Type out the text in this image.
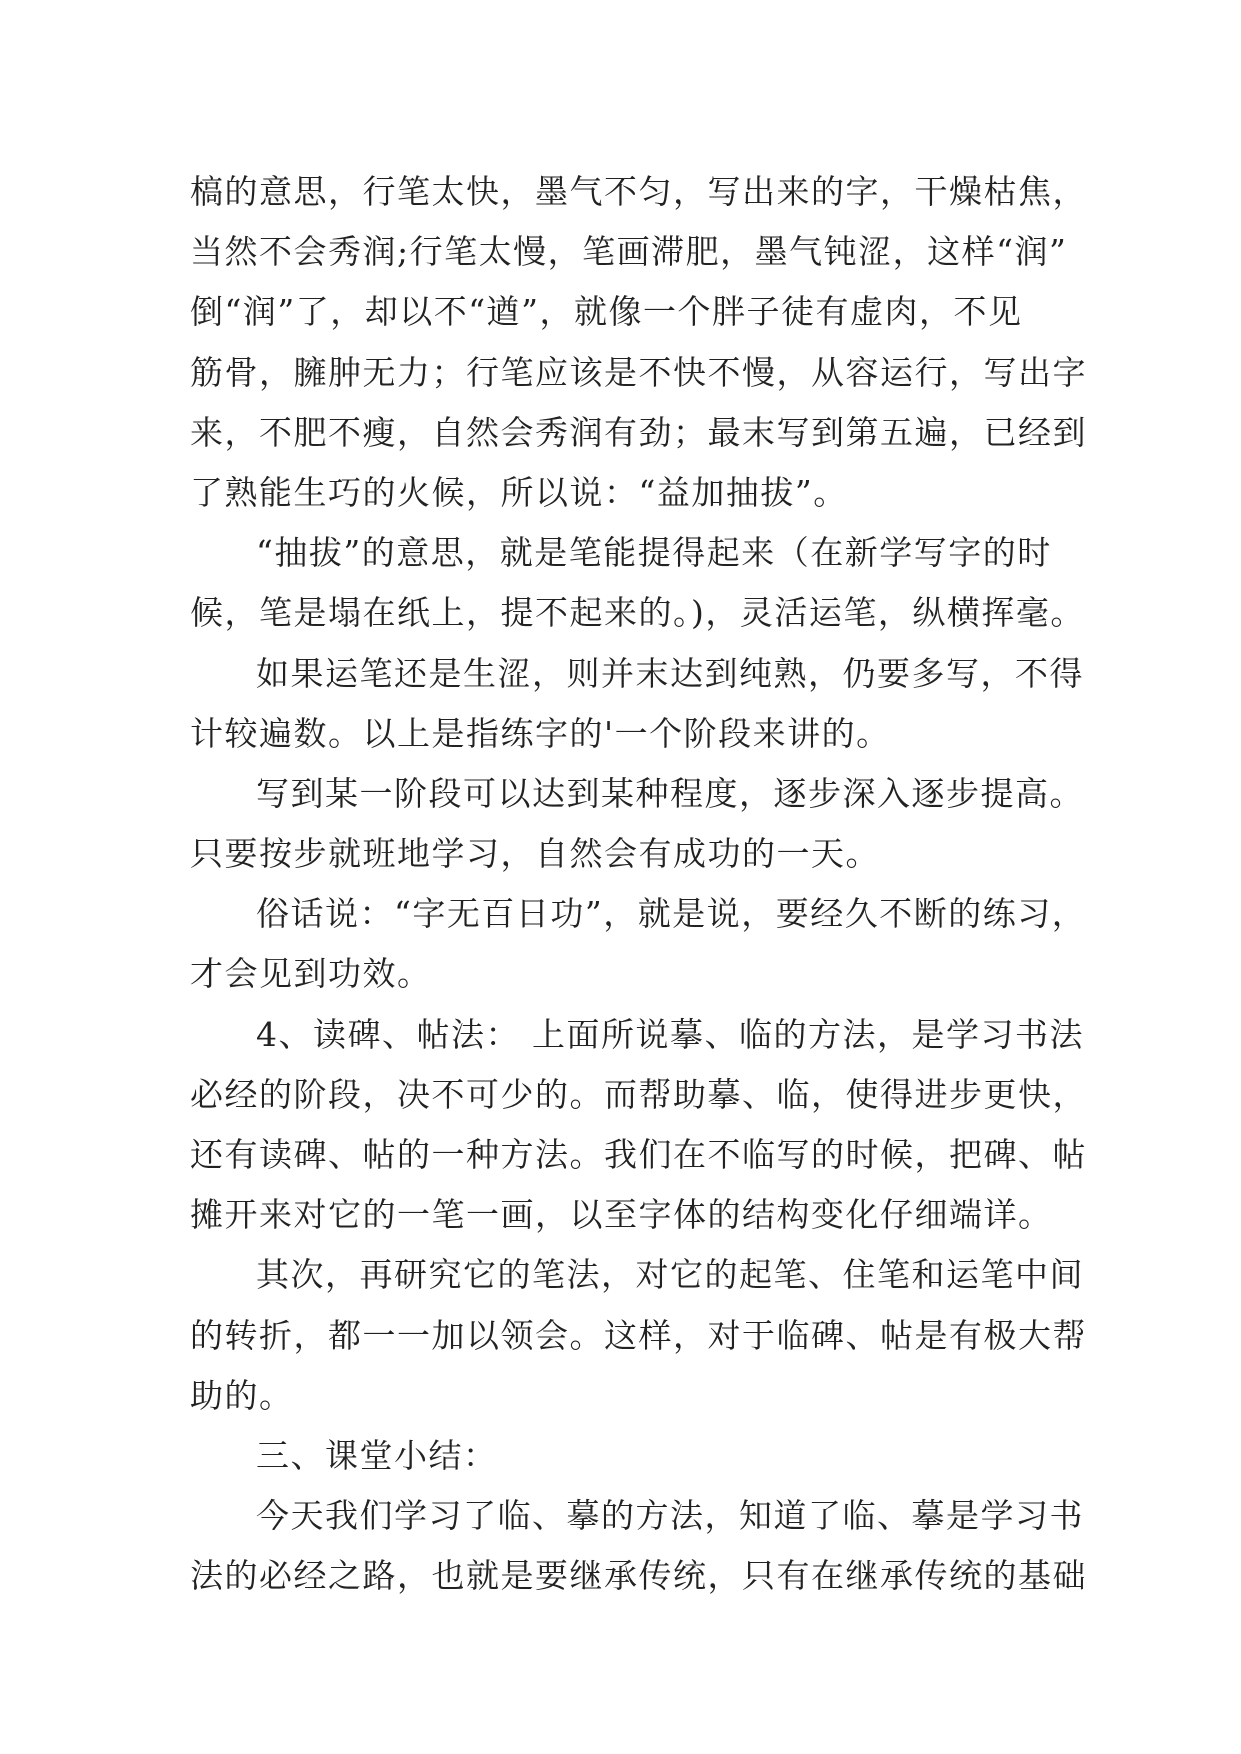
槁的意思，行笔太快，墨气不匀，写出来的字，干燥枯焦，
当然不会秀润;行笔太慢，笔画滞肥，墨气钝涩，这样“润”
倒“润”了，却以不“遒”，就像一个胖子徒有虚肉，不见
筋骨，臃肿无力；行笔应该是不快不慢，从容运行，写出字
来，不肥不瘦，自然会秀润有劲；最末写到第五遍，已经到
了熟能生巧的火候，所以说：“益加抽拔”。
“抽拔”的意思，就是笔能提得起来（在新学写字的时
候，笔是塌在纸上，提不起来的。)，灵活运笔，纵横挥毫。
如果运笔还是生涩，则并末达到纯熟，仍要多写，不得
计较遍数。以上是指练字的'一个阶段来讲的。
写到某一阶段可以达到某种程度，逐步深入逐步提高。
只要按步就班地学习，自然会有成功的一天。
俗话说：“字无百日功”，就是说，要经久不断的练习，
才会见到功效。
4、读碑、帖法： 上面所说摹、临的方法，是学习书法
必经的阶段，决不可少的。而帮助摹、临，使得进步更快，
还有读碑、帖的一种方法。我们在不临写的时候，把碑、帖
摊开来对它的一笔一画，以至字体的结构变化仔细端详。
其次，再研究它的笔法，对它的起笔、住笔和运笔中间
的转折，都一一加以领会。这样，对于临碑、帖是有极大帮
助的。
三、课堂小结：
今天我们学习了临、摹的方法，知道了临、摹是学习书
法的必经之路，也就是要继承传统，只有在继承传统的基础
